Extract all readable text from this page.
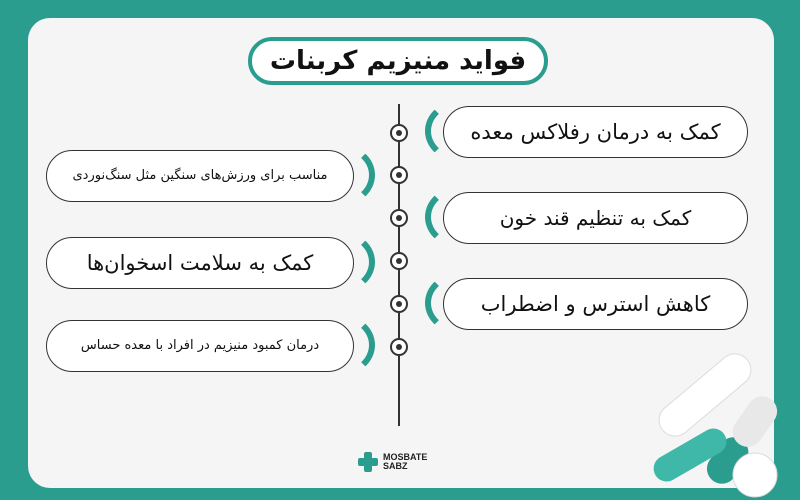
فواید منیزیم کربنات
کمک به درمان رفلاکس معده
کمک به تنظیم قند خون
کاهش استرس و اضطراب
مناسب برای ورزش‌های سنگین مثل سنگ‌نوردی
کمک به سلامت اسخوان‌ها
درمان کمبود منیزیم در افراد با معده حساس
MOSBATE
SABZ
